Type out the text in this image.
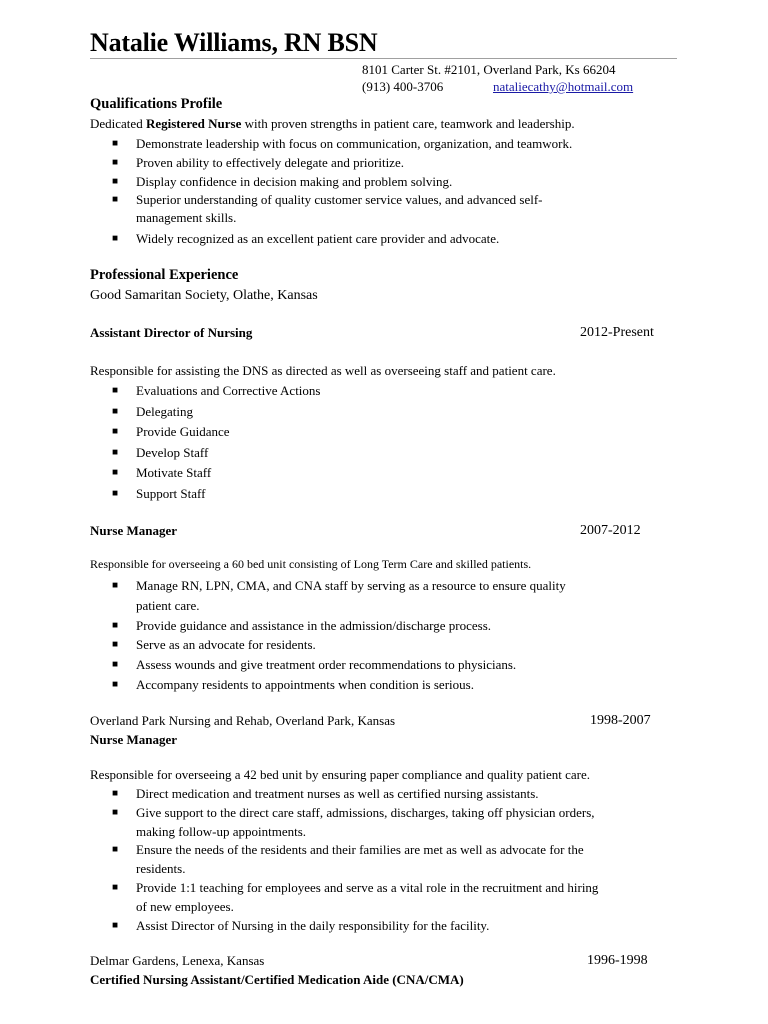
Natalie Williams, RN BSN
8101 Carter St. #2101, Overland Park, Ks 66204
(913) 400-3706	nataliecathy@hotmail.com
Qualifications Profile
Dedicated Registered Nurse with proven strengths in patient care, teamwork and leadership.
■ Demonstrate leadership with focus on communication, organization, and teamwork.
■ Proven ability to effectively delegate and prioritize.
■ Display confidence in decision making and problem solving.
■ Superior understanding of quality customer service values, and advanced self-
management skills.
■ Widely recognized as an excellent patient care provider and advocate.
Professional Experience
Good Samaritan Society, Olathe, Kansas
Assistant Director of Nursing	2012-Present
Responsible for assisting the DNS as directed as well as overseeing staff and patient care.
■ Evaluations and Corrective Actions
■ Delegating
■ Provide Guidance
■ Develop Staff
■ Motivate Staff
■ Support Staff
Nurse Manager	2007-2012
Responsible for overseeing a 60 bed unit consisting of Long Term Care and skilled patients.
■ Manage RN, LPN, CMA, and CNA staff by serving as a resource to ensure quality
patient care.
■ Provide guidance and assistance in the admission/discharge process.
■ Serve as an advocate for residents.
■ Assess wounds and give treatment order recommendations to physicians.
■ Accompany residents to appointments when condition is serious.
Overland Park Nursing and Rehab, Overland Park, Kansas	1998-2007
Nurse Manager
Responsible for overseeing a 42 bed unit by ensuring paper compliance and quality patient care.
■ Direct medication and treatment nurses as well as certified nursing assistants.
■ Give support to the direct care staff, admissions, discharges, taking off physician orders,
making follow-up appointments.
■ Ensure the needs of the residents and their families are met as well as advocate for the
residents.
■ Provide 1:1 teaching for employees and serve as a vital role in the recruitment and hiring
of new employees.
■ Assist Director of Nursing in the daily responsibility for the facility.
Delmar Gardens, Lenexa, Kansas	1996-1998
Certified Nursing Assistant/Certified Medication Aide (CNA/CMA)
